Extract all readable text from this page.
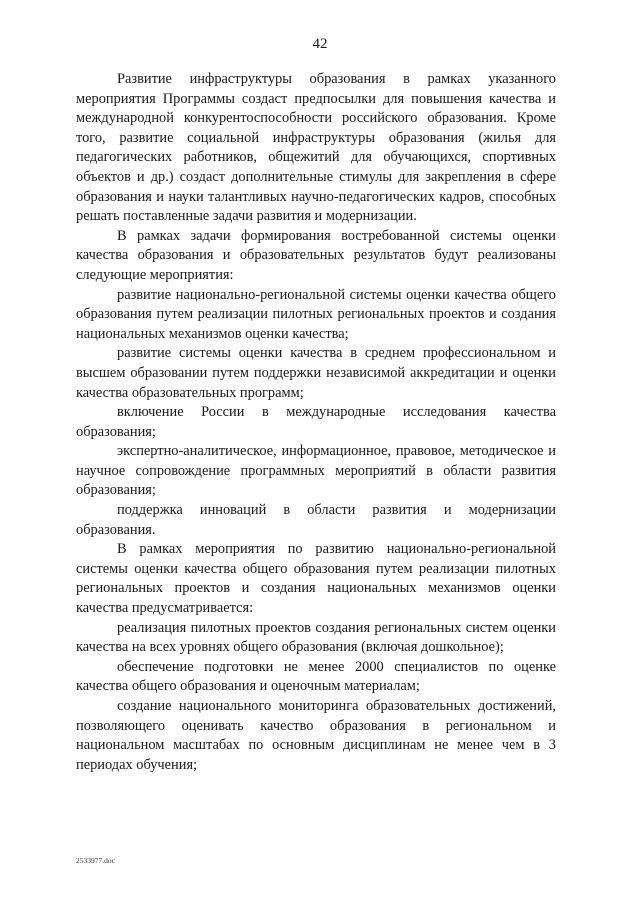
42

Развитие инфраструктуры образования в рамках указанного мероприятия Программы создаст предпосылки для повышения качества и международной конкурентоспособности российского образования. Кроме того, развитие социальной инфраструктуры образования (жилья для педагогических работников, общежитий для обучающихся, спортивных объектов и др.) создаст дополнительные стимулы для закрепления в сфере образования и науки талантливых научно-педагогических кадров, способных решать поставленные задачи развития и модернизации.

В рамках задачи формирования востребованной системы оценки качества образования и образовательных результатов будут реализованы следующие мероприятия:

развитие национально-региональной системы оценки качества общего образования путем реализации пилотных региональных проектов и создания национальных механизмов оценки качества;

развитие системы оценки качества в среднем профессиональном и высшем образовании путем поддержки независимой аккредитации и оценки качества образовательных программ;

включение России в международные исследования качества образования;

экспертно-аналитическое, информационное, правовое, методическое и научное сопровождение программных мероприятий в области развития образования;

поддержка инноваций в области развития и модернизации образования.

В рамках мероприятия по развитию национально-региональной системы оценки качества общего образования путем реализации пилотных региональных проектов и создания национальных механизмов оценки качества предусматривается:

реализация пилотных проектов создания региональных систем оценки качества на всех уровнях общего образования (включая дошкольное);

обеспечение подготовки не менее 2000 специалистов по оценке качества общего образования и оценочным материалам;

создание национального мониторинга образовательных достижений, позволяющего оценивать качество образования в региональном и национальном масштабах по основным дисциплинам не менее чем в 3 периодах обучения;

2533977.doc
